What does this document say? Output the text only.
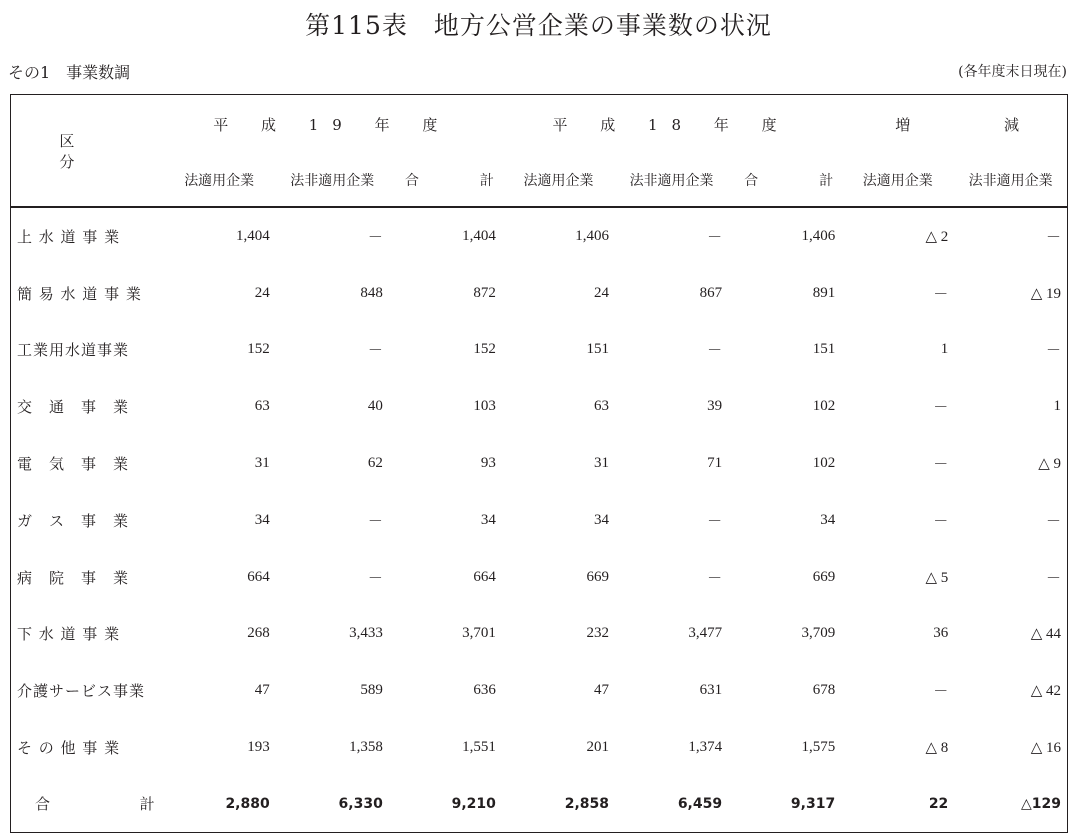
第115表　地方公営企業の事業数の状況
その1　事業数調	(各年度末日現在)
区　分	平 成 19 年 度			平 成 18 年 度			増 減	

	法適用企業	法非適用企業	合 計	法適用企業	法非適用企業	合 計	法適用企業	法非適用企業
上 水 道 事 業	1,404	－	1,404	1,406	－	1,406	△ 2	－
簡 易 水 道 事 業	24	848	872	24	867	891	－	△ 19
工業用水道事業	152	－	152	151	－	151	1	－
交　通　事　業	63	40	103	63	39	102	－	1
電　気　事　業	31	62	93	31	71	102	－	△ 9
ガ　ス　事　業	34	－	34	34	－	34	－	－
病　院　事　業	664	－	664	669	－	669	△ 5	－
下 水 道 事 業	268	3,433	3,701	232	3,477	3,709	36	△ 44
介護サービス事業	47	589	636	47	631	678	－	△ 42
そ の 他 事 業	193	1,358	1,551	201	1,374	1,575	△ 8	△ 16
合 計	2,880	6,330	9,210	2,858	6,459	9,317	22	△129
